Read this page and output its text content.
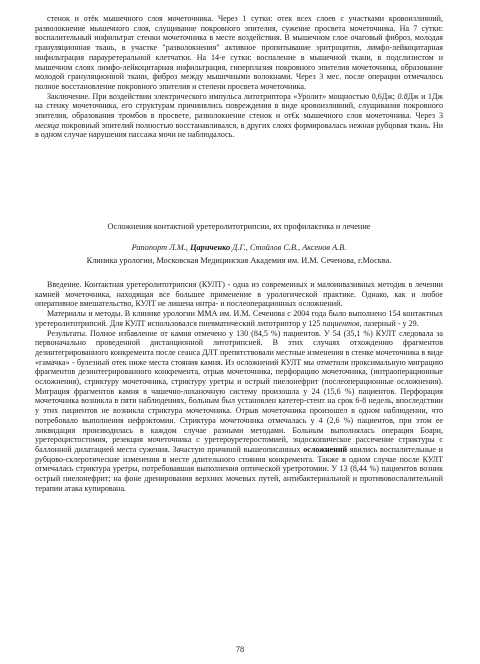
стенок и отёк мышечного слоя мочеточника. Через 1 сутки: отек всех слоев с участками кровоизлияний, разволокнение мышечного слоя, слущивание покровного эпителия, сужение просвета мочеточника. На 7 сутки: воспалительный инфильтрат стенки мочеточника в месте воздействия. В мышечном слое очаговый фиброз, молодая грануляционная ткань, в участке "разволокнения" активное пропитывание эритроцитов, лимфо-лейкоцитарная инфильтрация парауретеральной клетчатки. На 14-е сутки: воспаление в мышечной ткани, в подслизистом и мышечном слоях лимфо-лейкоцитарная инфильтрация, гиперплазия покровного эпителия мочеточника, образование молодой грануляционной ткани, фиброз между мышечными волокнами. Через 3 мес. после операции отмечалось полное восстановление покровного эпителия и степени просвета мочеточника.

Заключение. При воздействии электрического импульса литотриптора «Уролит» мощностью 0,6Дж; 0.8Дж и 1Дж на стенку мочеточника, его структурам причинялись повреждения в виде кровоизлияний, слущивания покровного эпителия, образования тромбов в просвете, разволокнение стенок и от€к мышечного слоя мочеточника. Через 3 месяца покровный эпителий полностью восстанавливался, в других слоях формировалась нежная рубцовая ткань. Ни в одном случае нарушения пассажа мочи не наблюдалось.

Осложнения контактной уретеролитотрипсии, их профилактика и лечение

Рапопорт Л.М., Цариченко Д.Г., Стойлов С.В., Аксенов А.В.

Клиника урологии, Московская Медицинская Академия им. И.М. Сеченова, г.Москва.

Введение. Контактная уретеролитотрипсия (КУЛТ) - одна из современных и малоинвазивных методик в лечении камней мочеточника, находящая все большее применение в урологической практике. Однако, как и любое оперативное вмешательство, КУЛТ не лишена интра- и послеоперационных осложнений.

Материалы и методы. В клинике урологии ММА им. И.М. Сеченова с 2004 года было выполнено 154 контактных уретеролитотрипсий. Для КУЛТ использовался пневматический литотриптор у 125 пациентов, лазерный - у 29.

Результаты. Полное избавление от камня отмечено у 130 (84,5 %) пациентов. У 54 (35,1 %) КУЛТ следовала за первоначально проведенной дистанционной литотрипсией. В этих случаях отхождению фрагментов дезинтегрированного конкремента после сеанса ДЛТ препятствовали местные изменения в стенке мочеточника в виде «гамачка» - булезный отек ниже места стояния камня. Из осложнений КУЛТ мы отметили проксимальную миграцию фрагментов дезинтегрированного конкремента, отрыв мочеточника, перфорацию мочеточника, (интраоперационные осложнения), стриктуру мочеточника, стриктуру уретры и острый пиелонефрит (послеоперационные осложнения). Миграция фрагментов камня в чашечно-лоханочную систему произошла у 24 (15,6 %) пациентов. Перфорация мочеточника возникла в пяти наблюдениях, больным был установлен катетер-стент на срок 6-8 недель, впоследствии у этих пациентов не возникла стриктура мочеточника. Отрыв мочеточника произошел в одном наблюдении, что потребовало выполнения нефрэктомии. Стриктура мочеточника отмечалась у 4 (2,6 %) пациентов, при этом ее ликвидация производилась в каждом случае разными методами. Больным выполнялась операция Боари, уретероцистостомия, резекция мочеточника с уретероуретеростомией, эндоскопическое рассечение стриктуры с баллонной дилатацией места сужения. Зачастую причиной вышеописанных осложнений явились воспалительные и рубцово-склеротические изменения в месте длительного стояния конкремента. Также в одном случае после КУЛТ отмечалась стриктура уретры, потребовавшая выполнения оптической уретротомии. У 13 (8,44 %) пациентов возник острый пиелонефрит; на фоне дренирования верхних мочевых путей, антибактериальной и противовоспалительной терапии атака купирована.

78
